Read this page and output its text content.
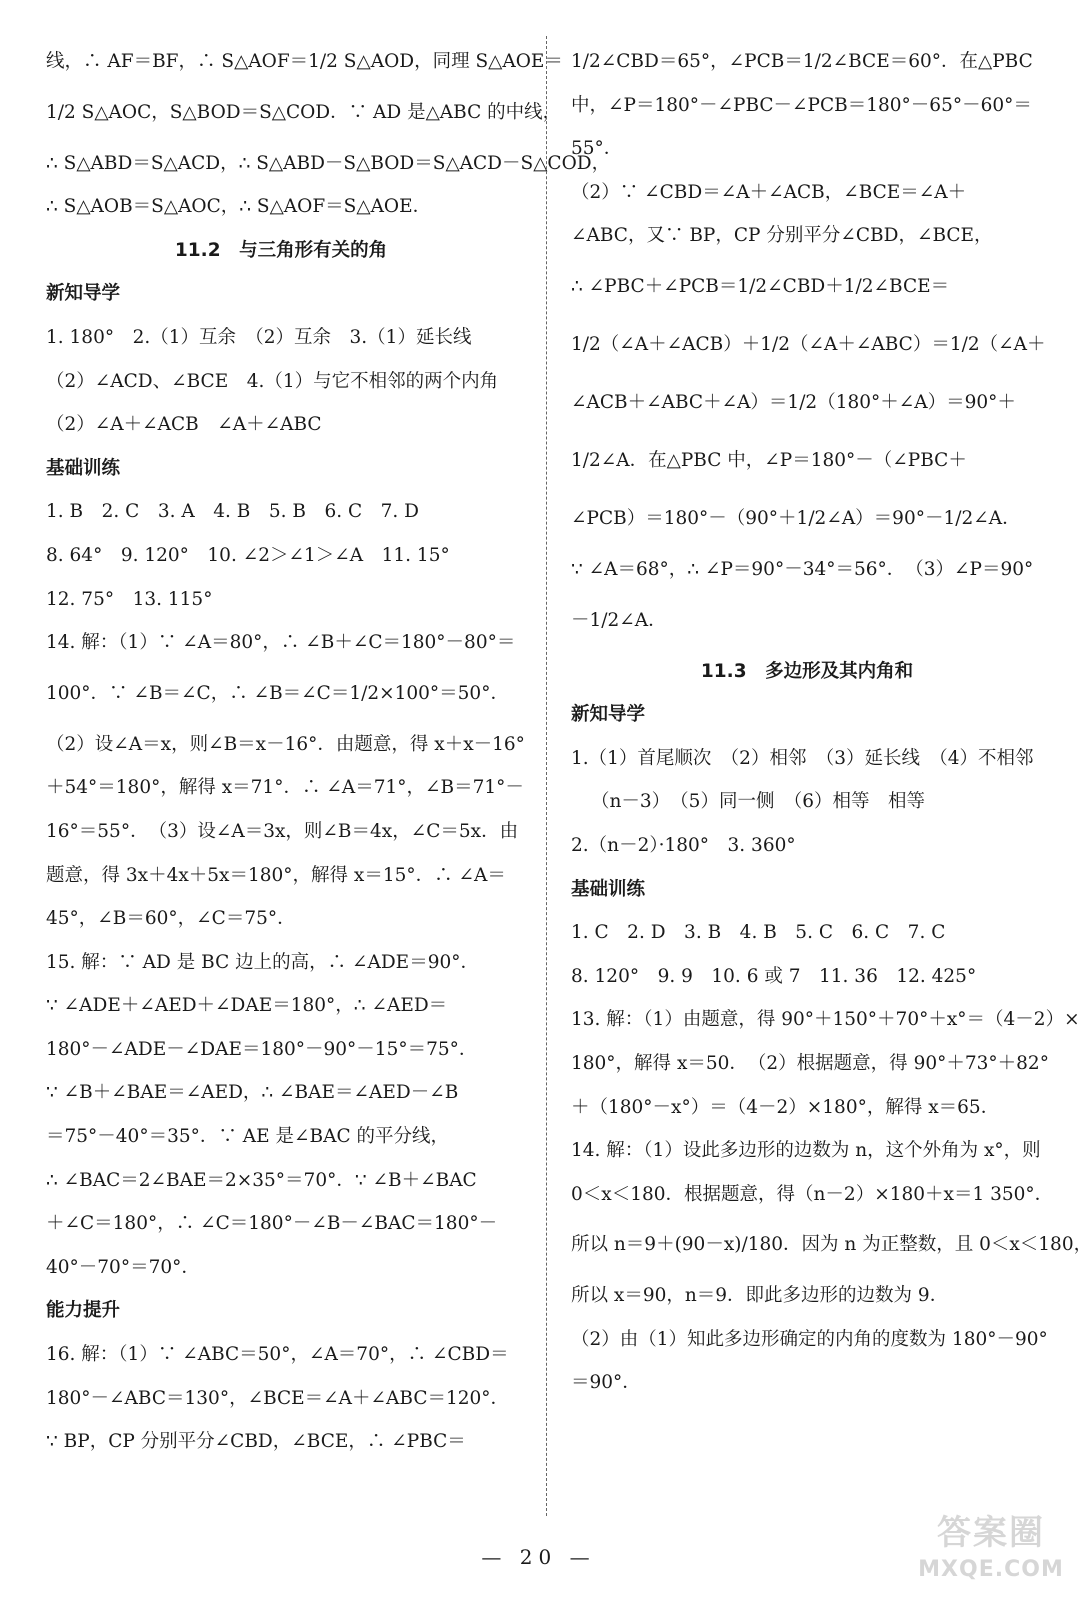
线，∴ AF＝BF，∴ S△AOF＝1/2 S△AOD，同理 S△AOE＝
1/2 S△AOC，S△BOD＝S△COD．∵ AD 是△ABC 的中线，
∴ S△ABD＝S△ACD，∴ S△ABD－S△BOD＝S△ACD－S△COD，
∴ S△AOB＝S△AOC，∴ S△AOF＝S△AOE．
11.2　与三角形有关的角
新知导学
1. 180°　2.（1）互余　（2）互余　3.（1）延长线
（2）∠ACD、∠BCE　4.（1）与它不相邻的两个内角
（2）∠A＋∠ACB　∠A＋∠ABC
基础训练
1. B　2. C　3. A　4. B　5. B　6. C　7. D
8. 64°　9. 120°　10. ∠2＞∠1＞∠A　11. 15°
12. 75°　13. 115°
14. 解：（1）∵ ∠A＝80°，∴ ∠B＋∠C＝180°－80°＝
100°．∵ ∠B＝∠C，∴ ∠B＝∠C＝1/2×100°＝50°．
（2）设∠A＝x，则∠B＝x－16°．由题意，得 x＋x－16°
＋54°＝180°，解得 x＝71°．∴ ∠A＝71°，∠B＝71°－
16°＝55°．　（3）设∠A＝3x，则∠B＝4x，∠C＝5x．由
题意，得 3x＋4x＋5x＝180°，解得 x＝15°．∴ ∠A＝
45°，∠B＝60°，∠C＝75°．
15. 解：∵ AD 是 BC 边上的高，∴ ∠ADE＝90°．
∵ ∠ADE＋∠AED＋∠DAE＝180°，∴ ∠AED＝
180°－∠ADE－∠DAE＝180°－90°－15°＝75°．
∵ ∠B＋∠BAE＝∠AED，∴ ∠BAE＝∠AED－∠B
＝75°－40°＝35°．∵ AE 是∠BAC 的平分线，
∴ ∠BAC＝2∠BAE＝2×35°＝70°．∵ ∠B＋∠BAC
＋∠C＝180°，∴ ∠C＝180°－∠B－∠BAC＝180°－
40°－70°＝70°．
能力提升
16. 解：（1）∵ ∠ABC＝50°，∠A＝70°，∴ ∠CBD＝
180°－∠ABC＝130°，∠BCE＝∠A＋∠ABC＝120°．
∵ BP，CP 分别平分∠CBD，∠BCE，∴ ∠PBC＝
1/2∠CBD＝65°，∠PCB＝1/2∠BCE＝60°．在△PBC
中，∠P＝180°－∠PBC－∠PCB＝180°－65°－60°＝
55°．
（2）∵ ∠CBD＝∠A＋∠ACB，∠BCE＝∠A＋
∠ABC，又∵ BP，CP 分别平分∠CBD，∠BCE，
∴ ∠PBC＋∠PCB＝1/2∠CBD＋1/2∠BCE＝
1/2（∠A＋∠ACB）＋1/2（∠A＋∠ABC）＝1/2（∠A＋
∠ACB＋∠ABC＋∠A）＝1/2（180°＋∠A）＝90°＋
1/2∠A．在△PBC 中，∠P＝180°－（∠PBC＋
∠PCB）＝180°－（90°＋1/2∠A）＝90°－1/2∠A．
∵ ∠A＝68°，∴ ∠P＝90°－34°＝56°．　（3）∠P＝90°
－1/2∠A．
11.3　多边形及其内角和
新知导学
1.（1）首尾顺次　（2）相邻　（3）延长线　（4）不相邻
（n－3）　（5）同一侧　（6）相等　相等
2.（n－2）·180°　3. 360°
基础训练
1. C　2. D　3. B　4. B　5. C　6. C　7. C
8. 120°　9. 9　10. 6 或 7　11. 36　12. 425°
13. 解：（1）由题意，得 90°＋150°＋70°＋x°＝（4－2）×
180°，解得 x＝50．　（2）根据题意，得 90°＋73°＋82°
＋（180°－x°）＝（4－2）×180°，解得 x＝65．
14. 解：（1）设此多边形的边数为 n，这个外角为 x°，则
0＜x＜180．根据题意，得（n－2）×180＋x＝1 350°．
所以 n＝9＋(90－x)/180．因为 n 为正整数，且 0＜x＜180，
所以 x＝90，n＝9．即此多边形的边数为 9．
（2）由（1）知此多边形确定的内角的度数为 180°－90°
＝90°．
— 20 —
答案圈
MXQE.COM
